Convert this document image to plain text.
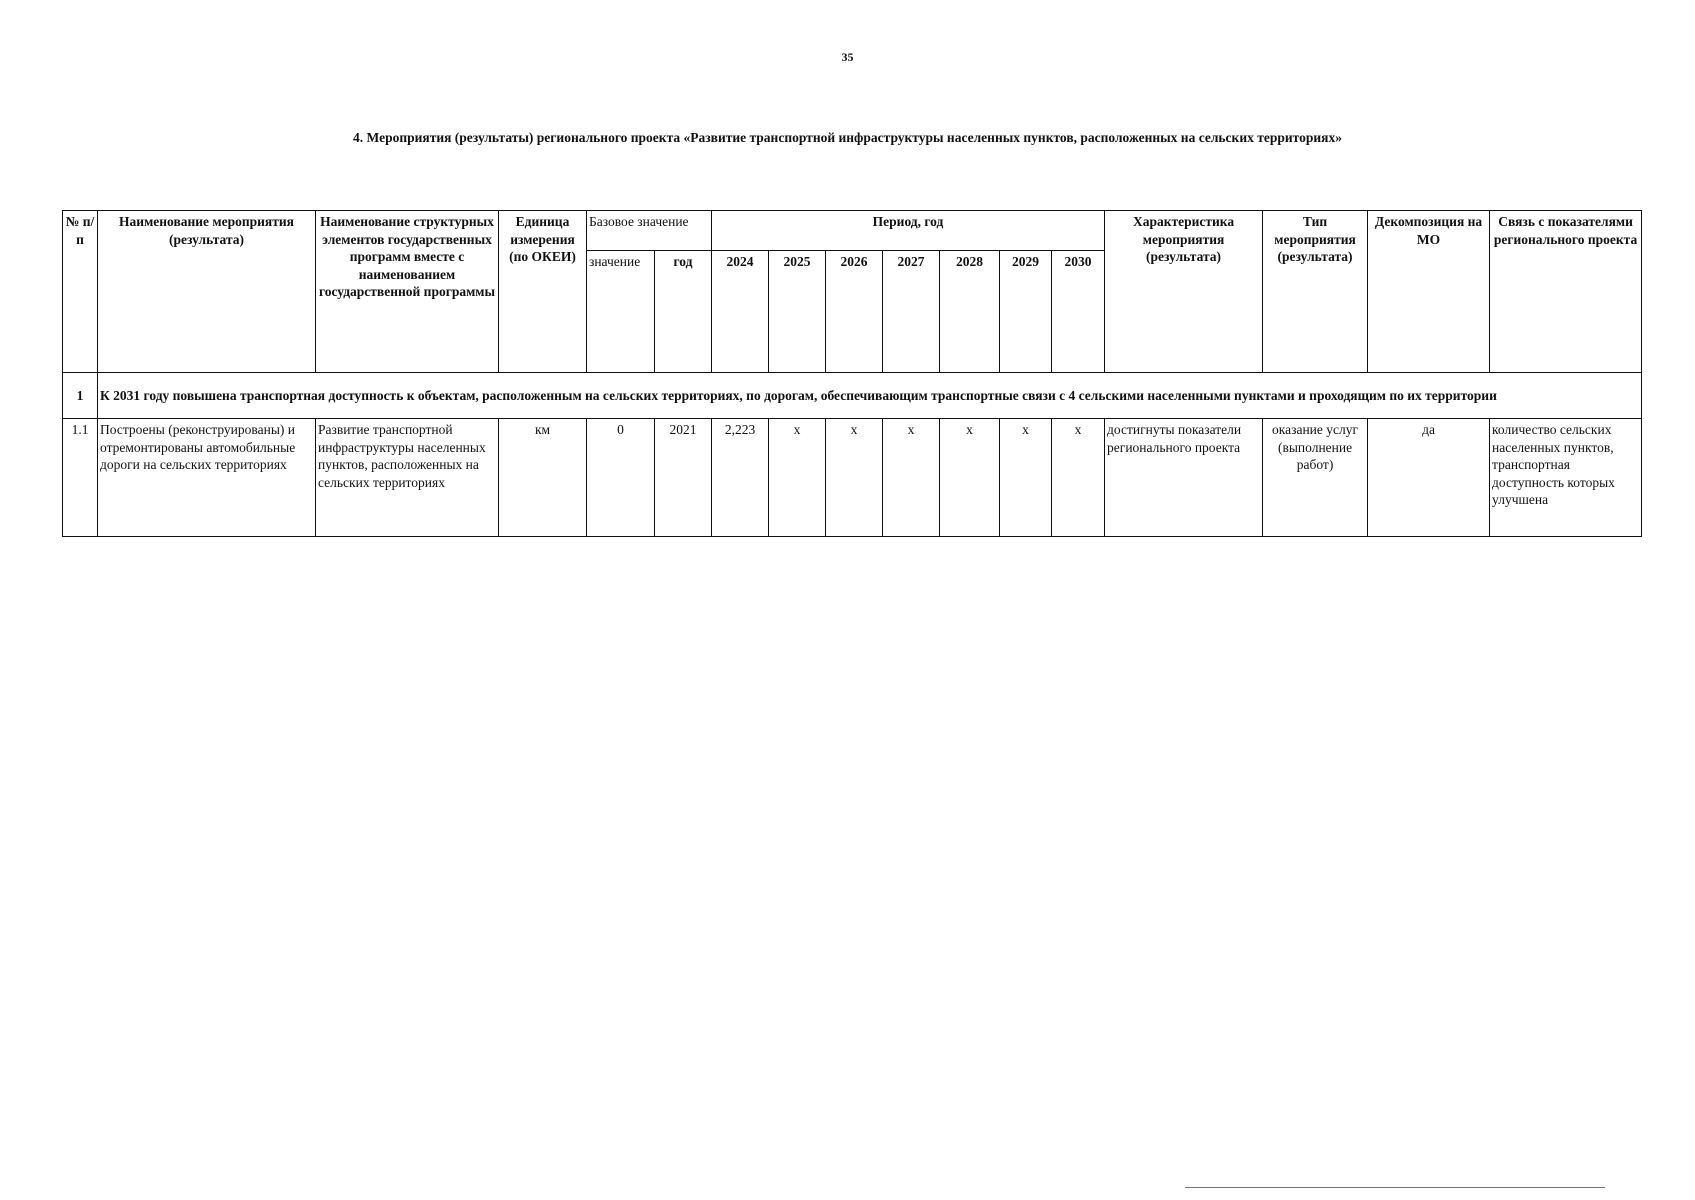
35
4. Мероприятия (результаты) регионального проекта «Развитие транспортной инфраструктуры населенных пунктов, расположенных на сельских территориях»
№ п/п	Наименование мероприятия (результата)	Наименование структурных элементов государственных программ вместе с наименованием государственной программы	Единица измерения (по ОКЕИ)	Базовое значение		Период, год							Характеристика мероприятия (результата)	Тип мероприятия (результата)	Декомпозиция на МО	Связь с показателями регионального проекта
				значение	год	2024	2025	2026	2027	2028	2029	2030				
1	К 2031 году повышена транспортная доступность к объектам, расположенным на сельских территориях, по дорогам, обеспечивающим транспортные связи с 4 сельскими населенными пунктами и проходящим по их территории															
1.1	Построены (реконструированы) и отремонтированы автомобильные дороги на сельских территориях	Развитие транспортной инфраструктуры населенных пунктов, расположенных на сельских территориях	км	0	2021	2,223	х	х	х	х	х	х	достигнуты показатели регионального проекта	оказание услуг (выполнение работ)	да	количество сельских населенных пунктов, транспортная доступность которых улучшена
